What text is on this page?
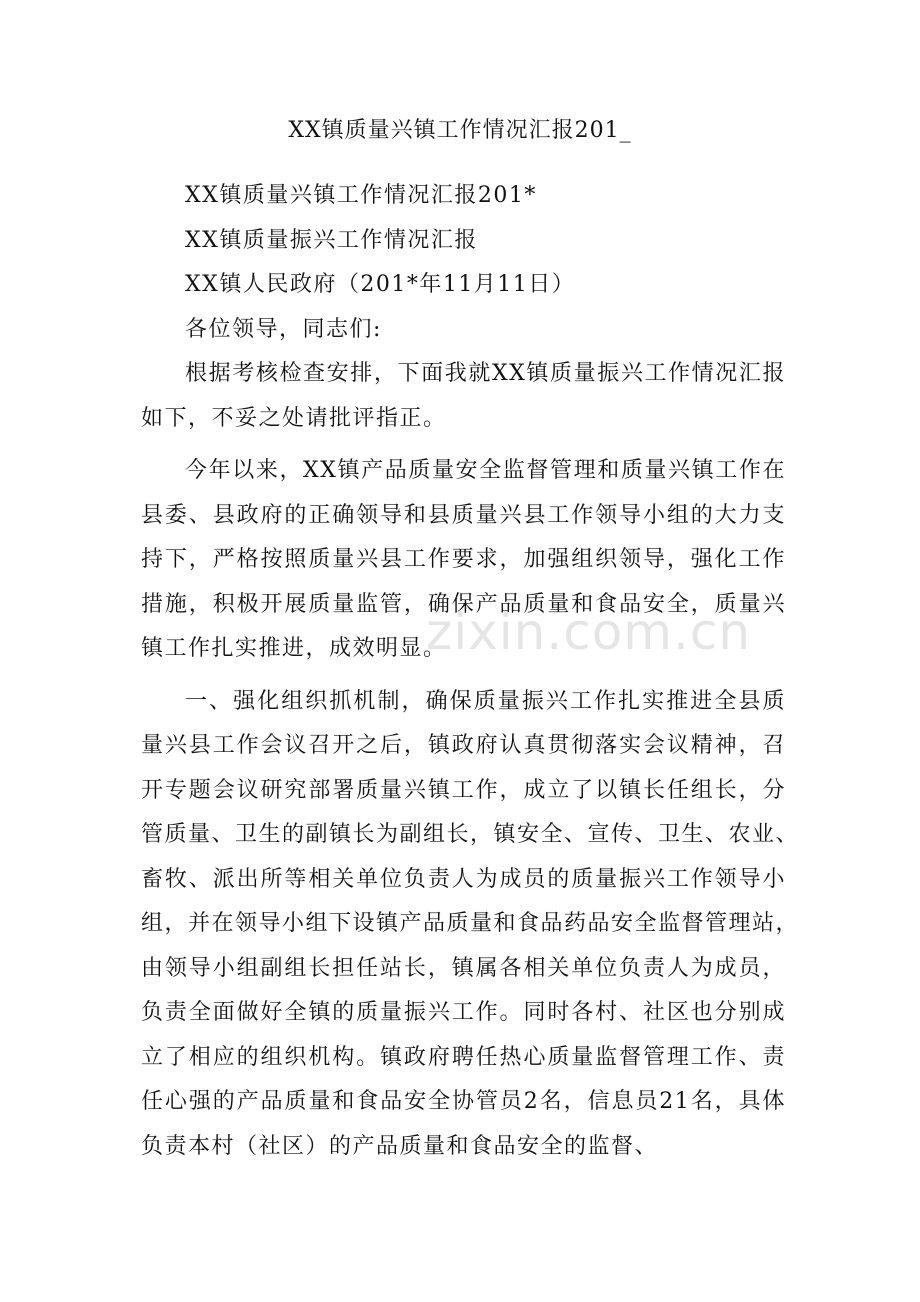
XX镇质量兴镇工作情况汇报201_
XX镇质量兴镇工作情况汇报201*
XX镇质量振兴工作情况汇报
XX镇人民政府（201*年11月11日）
各位领导，同志们:
根据考核检查安排，下面我就XX镇质量振兴工作情况汇报
如下，不妥之处请批评指正。
今年以来，XX镇产品质量安全监督管理和质量兴镇工作在
县委、县政府的正确领导和县质量兴县工作领导小组的大力支
持下，严格按照质量兴县工作要求，加强组织领导，强化工作
措施，积极开展质量监管，确保产品质量和食品安全，质量兴
镇工作扎实推进，成效明显。
一、强化组织抓机制，确保质量振兴工作扎实推进全县质
量兴县工作会议召开之后，镇政府认真贯彻落实会议精神，召
开专题会议研究部署质量兴镇工作，成立了以镇长任组长，分
管质量、卫生的副镇长为副组长，镇安全、宣传、卫生、农业、
畜牧、派出所等相关单位负责人为成员的质量振兴工作领导小
组，并在领导小组下设镇产品质量和食品药品安全监督管理站，
由领导小组副组长担任站长，镇属各相关单位负责人为成员，
负责全面做好全镇的质量振兴工作。同时各村、社区也分别成
立了相应的组织机构。镇政府聘任热心质量监督管理工作、责
任心强的产品质量和食品安全协管员2名，信息员21名，具体
负责本村（社区）的产品质量和食品安全的监督、
zixin.com.cn
